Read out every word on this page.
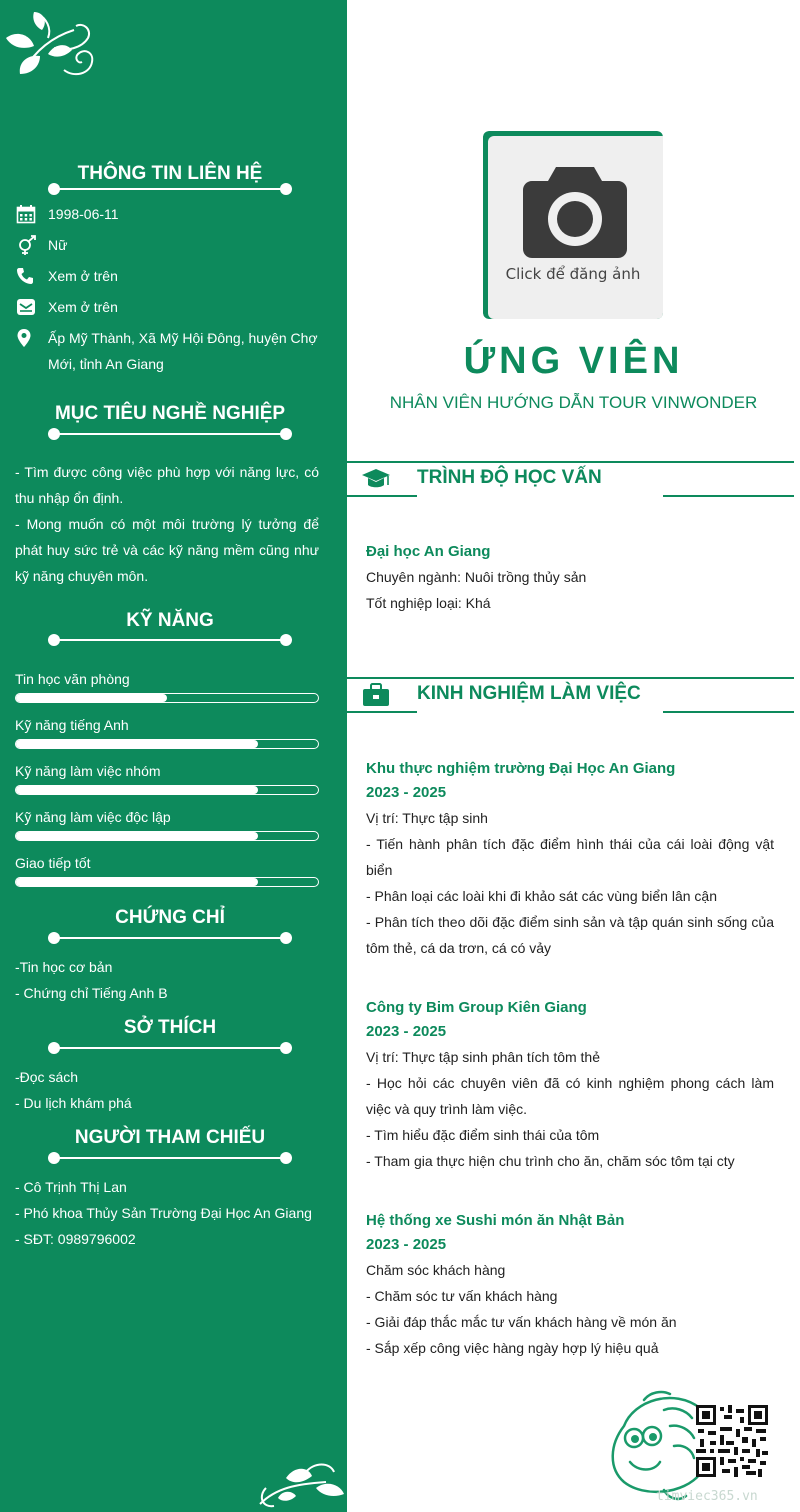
THÔNG TIN LIÊN HỆ
1998-06-11
Nữ
Xem ở trên
Xem ở trên
Ấp Mỹ Thành, Xã Mỹ Hội Đông, huyện Chợ Mới, tỉnh An Giang
MỤC TIÊU NGHỀ NGHIỆP

- Tìm được công việc phù hợp với năng lực, có thu nhập ổn định.

- Mong muốn có một môi trường lý tưởng để phát huy sức trẻ và các kỹ năng mềm cũng như kỹ năng chuyên môn.

KỸ NĂNG
Tin học văn phòng
Kỹ năng tiếng Anh
Kỹ năng làm việc nhóm
Kỹ năng làm việc độc lập
Giao tiếp tốt
CHỨNG CHỈ
-Tin học cơ bản
- Chứng chỉ Tiếng Anh B
SỞ THÍCH
-Đọc sách
- Du lịch khám phá
NGƯỜI THAM CHIẾU
- Cô Trịnh Thị Lan
- Phó khoa Thủy Sản Trường Đại Học An Giang
- SĐT: 0989796002
Click để đăng ảnh
ỨNG VIÊN
NHÂN VIÊN HƯỚNG DẪN TOUR VINWONDER
TRÌNH ĐỘ HỌC VẤN
Đại học An Giang

Chuyên ngành: Nuôi trồng thủy sản

Tốt nghiệp loại: Khá

KINH NGHIỆM LÀM VIỆC
Khu thực nghiệm trường Đại Học An Giang
2023 - 2025

Vị trí: Thực tập sinh

- Tiến hành phân tích đặc điểm hình thái của cái loài động vật biển

- Phân loại các loài khi đi khảo sát các vùng biển lân cận

- Phân tích theo dõi đặc điểm sinh sản và tập quán sinh sống của tôm thẻ, cá da trơn, cá có vảy

Công ty Bim Group Kiên Giang
2023 - 2025

Vị trí: Thực tập sinh phân tích tôm thẻ

- Học hỏi các chuyên viên đã có kinh nghiệm phong cách làm việc và quy trình làm việc.

- Tìm hiểu đặc điểm sinh thái của tôm

- Tham gia thực hiện chu trình cho ăn, chăm sóc tôm tại cty

Hệ thống xe Sushi món ăn Nhật Bản
2023 - 2025

Chăm sóc khách hàng

- Chăm sóc tư vấn khách hàng

- Giải đáp thắc mắc tư vấn khách hàng về món ăn

- Sắp xếp công việc hàng ngày hợp lý hiệu quả

timviec365.vn
